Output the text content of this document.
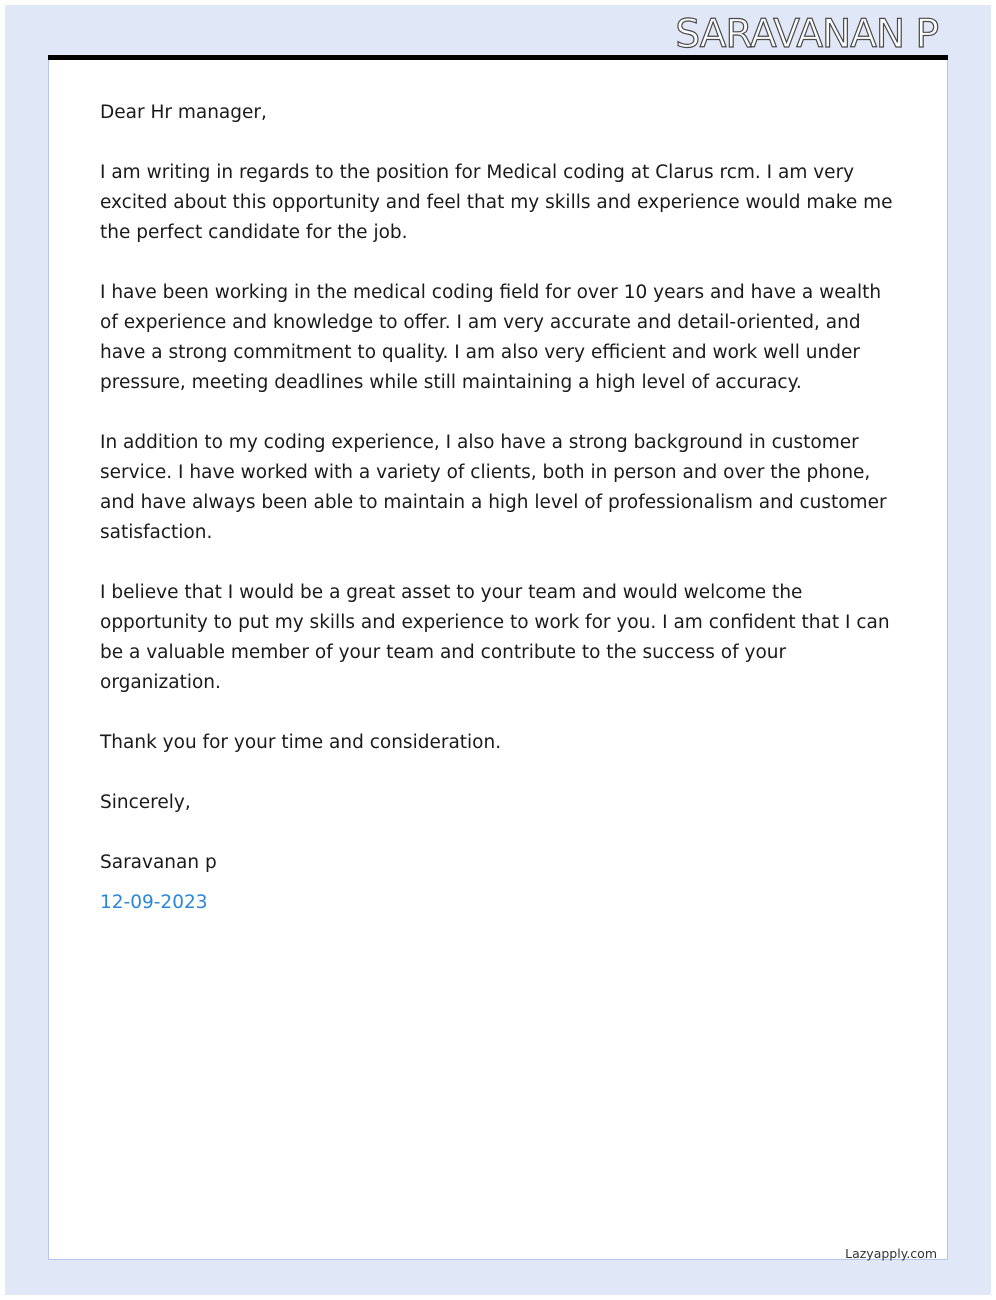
SARAVANAN P

Dear Hr manager,

I am writing in regards to the position for Medical coding at Clarus rcm. I am very excited about this opportunity and feel that my skills and experience would make me the perfect candidate for the job.

I have been working in the medical coding field for over 10 years and have a wealth of experience and knowledge to offer. I am very accurate and detail-oriented, and have a strong commitment to quality. I am also very efficient and work well under pressure, meeting deadlines while still maintaining a high level of accuracy.

In addition to my coding experience, I also have a strong background in customer service. I have worked with a variety of clients, both in person and over the phone, and have always been able to maintain a high level of professionalism and customer satisfaction.

I believe that I would be a great asset to your team and would welcome the opportunity to put my skills and experience to work for you. I am confident that I can be a valuable member of your team and contribute to the success of your organization.

Thank you for your time and consideration.

Sincerely,

Saravanan p

12-09-2023

Lazyapply.com
